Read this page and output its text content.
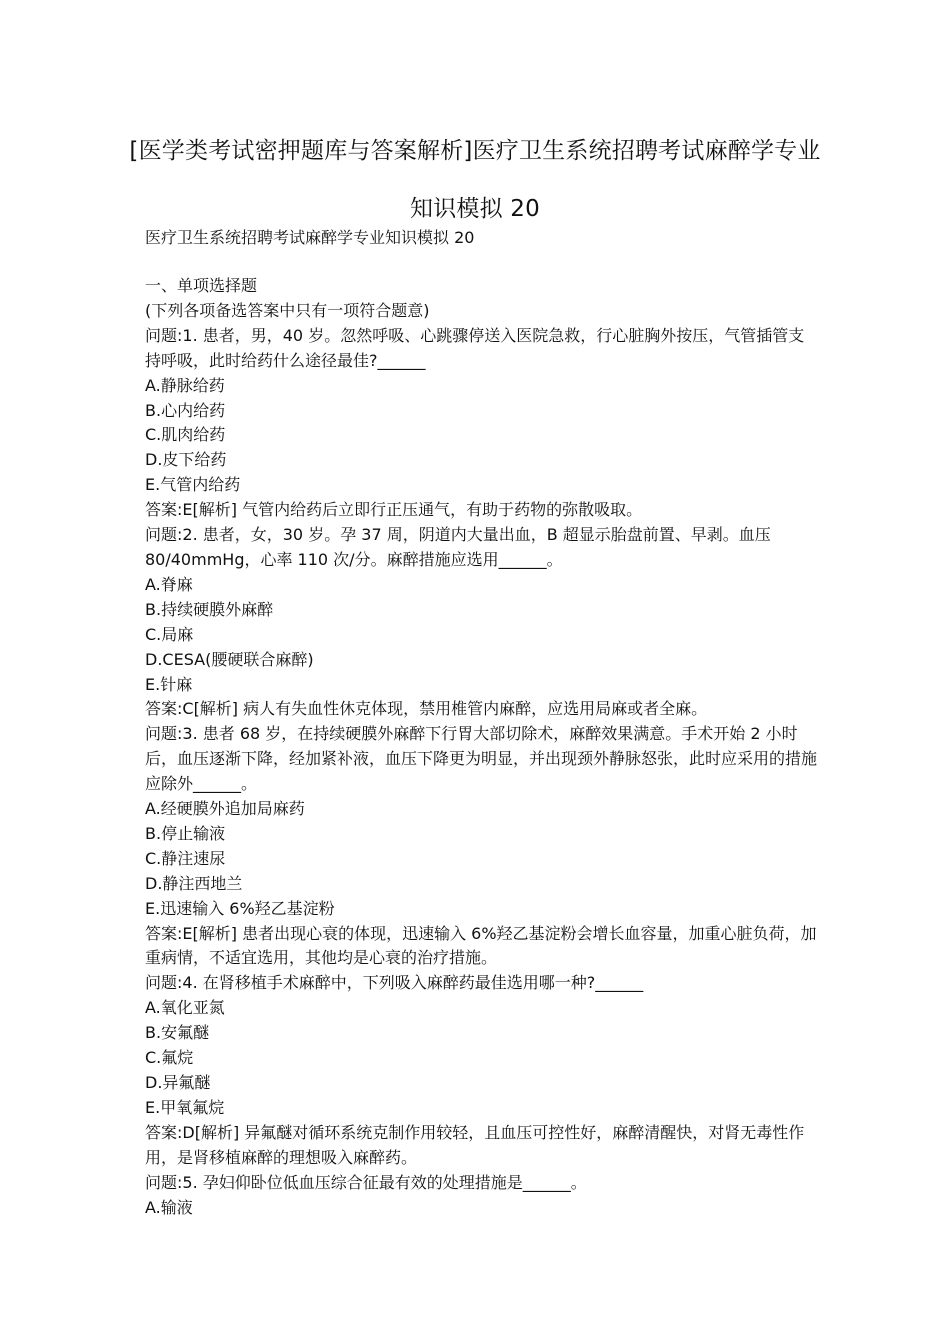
[医学类考试密押题库与答案解析]医疗卫生系统招聘考试麻醉学专业知识模拟 20
医疗卫生系统招聘考试麻醉学专业知识模拟 20
一、单项选择题
(下列各项备选答案中只有一项符合题意)
问题:1. 患者，男，40 岁。忽然呼吸、心跳骤停送入医院急救，行心脏胸外按压，气管插管支持呼吸，此时给药什么途径最佳?______
A.静脉给药
B.心内给药
C.肌肉给药
D.皮下给药
E.气管内给药
答案:E[解析] 气管内给药后立即行正压通气，有助于药物的弥散吸取。
问题:2. 患者，女，30 岁。孕 37 周，阴道内大量出血，B 超显示胎盘前置、早剥。血压 80/40mmHg，心率 110 次/分。麻醉措施应选用______。
A.脊麻
B.持续硬膜外麻醉
C.局麻
D.CESA(腰硬联合麻醉)
E.针麻
答案:C[解析] 病人有失血性休克体现，禁用椎管内麻醉，应选用局麻或者全麻。
问题:3. 患者 68 岁，在持续硬膜外麻醉下行胃大部切除术，麻醉效果满意。手术开始 2 小时后，血压逐渐下降，经加紧补液，血压下降更为明显，并出现颈外静脉怒张，此时应采用的措施应除外______。
A.经硬膜外追加局麻药
B.停止输液
C.静注速尿
D.静注西地兰
E.迅速输入 6%羟乙基淀粉
答案:E[解析] 患者出现心衰的体现，迅速输入 6%羟乙基淀粉会增长血容量，加重心脏负荷，加重病情，不适宜选用，其他均是心衰的治疗措施。
问题:4. 在肾移植手术麻醉中，下列吸入麻醉药最佳选用哪一种?______
A.氧化亚氮
B.安氟醚
C.氟烷
D.异氟醚
E.甲氧氟烷
答案:D[解析] 异氟醚对循环系统克制作用较轻，且血压可控性好，麻醉清醒快，对肾无毒性作用，是肾移植麻醉的理想吸入麻醉药。
问题:5. 孕妇仰卧位低血压综合征最有效的处理措施是______。
A.输液
